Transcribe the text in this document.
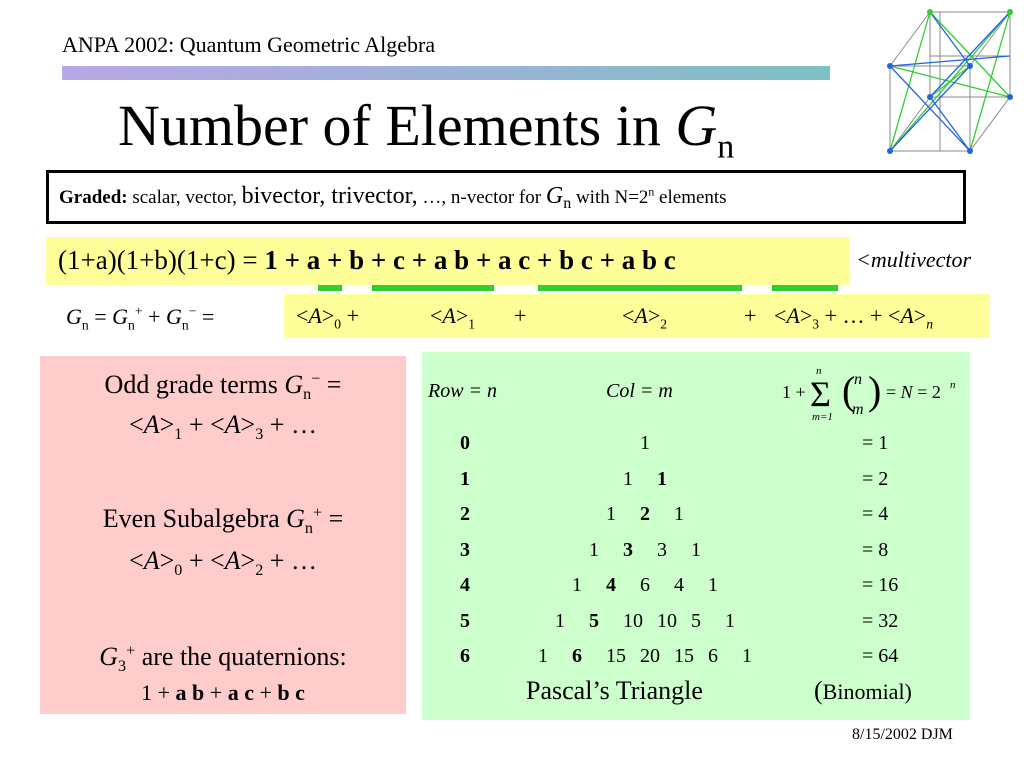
ANPA 2002: Quantum Geometric Algebra
Number of Elements in $G_n$
Graded: scalar, vector, bivector, trivector, …, n-vector for $G_n$ with $N=2^n$ elements
(1+a)(1+b)(1+c) = 1 + a + b + c + a b + a c + b c + a b c	<multivector
$G_n = G_n^+ + G_n^-$ =	$<A>_0$ +	$<A>_1$ +	$<A>_2$	+ $<A>_3$ + … + $<A>_n$
Odd grade terms $G_n^-$ =
$<A>_1 + <A>_3$ + …
Even Subalgebra $G_n^+$ =
$<A>_0 + <A>_2$ + …
$G_3^+$ are the quaternions:
1 + a b + a c + b c
Row = n	Col = m	1 + Σ
n
m=1
(
n
m ) = N = 2 n
0	1	= 1
1	1 1	= 2
2	1 2 1	= 4
3	1 3 3 1	= 8
4	1 4 6 4 1	= 16
5	1 5 10 10 5 1	= 32
6	1 6 15 20 15 6 1	= 64
Pascal’s Triangle	(Binomial)
8/15/2002 DJM
